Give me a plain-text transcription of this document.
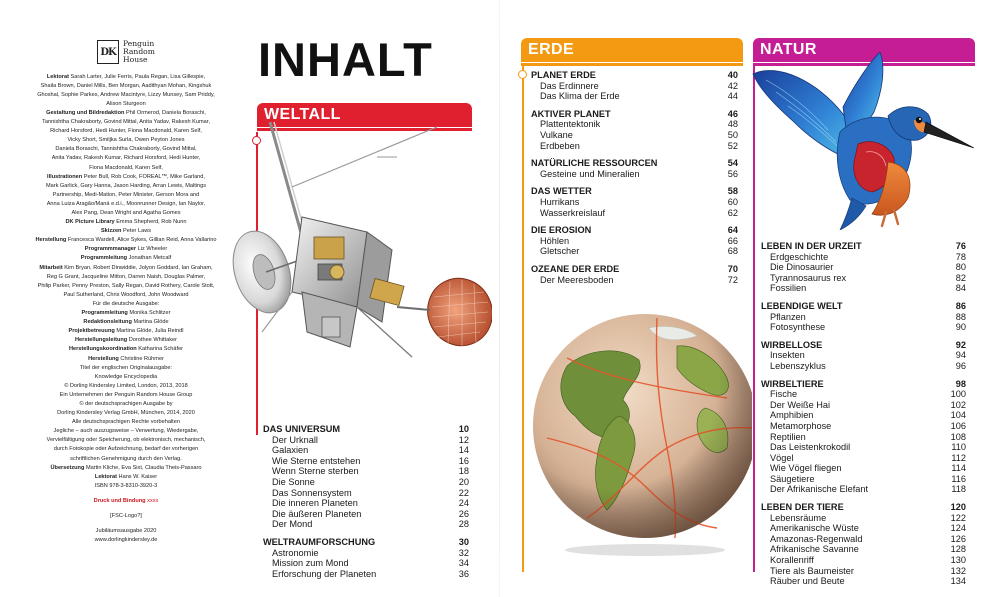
DK
Penguin
Random
House
Lektorat Sarah Larter, Julie Ferris, Paula Regan, Lisa Gillespie,
Shaila Brown, Daniel Mills, Ben Morgan, Aadithyan Mohan, Kingshuk
Ghoshal, Sophie Parkes, Andrew Macintyre, Lizzy Munsey, Sam Priddy,
Alison Sturgeon
Gestaltung und Bildredaktion Phil Ormerod, Daniela Boraschi,
Tannishtha Chakraborty, Govind Mittal, Anita Yadav, Rakesh Kumar,
Richard Horsford, Hedi Hunter, Fiona Macdonald, Karen Self,
Vicky Short, Smiljka Surla, Owen Peyton Jones
Daniela Boraschi, Tannishtha Chakraborty, Govind Mittal,
Anita Yadav, Rakesh Kumar, Richard Horsford, Hedi Hunter,
Fiona Macdonald, Karen Self,
Illustrationen Peter Bull, Rob Cook, FOREAL™, Mike Garland,
Mark Garlick, Gary Hanna, Jason Harding, Arran Lewis, Maltings
Partnership, Medi-Mation, Peter Minister, Gerson Mora and
Anna Luiza Aragão/Maná e.d.i., Moonrunner Design, Ian Naylor,
Alex Pang, Dean Wright and Agatha Gomes
DK Picture Library Emma Shepherd, Rob Nunn
Skizzen Peter Laws
Herstellung Francesca Wardell, Alice Sykes, Gillian Reid, Anna Vallarino
Programmmanager Liz Wheeler
Programmleitung Jonathan Metcalf
Mitarbeit Kim Bryan, Robert Dinwiddie, Jolyon Goddard, Ian Graham,
Reg G Grant, Jacqueline Mitton, Darren Naish, Douglas Palmer,
Philip Parker, Penny Preston, Sally Regan, David Rothery, Carole Stott,
Paul Sutherland, Chris Woodford, John Woodward
Für die deutsche Ausgabe:
Programmleitung Monika Schlitzer
Redaktionsleitung Martina Glöde
Projektbetreuung Martina Glöde, Julia Reindl
Herstellungsleitung Dorothee Whittaker
Herstellungskoordination Katharina Schäfer
Herstellung Christine Rühmer
Titel der englischen Originalausgabe:
Knowledge Encyclopedia
© Dorling Kindersley Limited, London, 2013, 2018
Ein Unternehmen der Penguin Random House Group
© der deutschsprachigen Ausgabe by
Dorling Kindersley Verlag GmbH, München, 2014, 2020
Alle deutschsprachigen Rechte vorbehalten
Jegliche – auch auszugsweise – Verwertung, Wiedergabe,
Vervielfältigung oder Speicherung, ob elektronisch, mechanisch,
durch Fotokopie oder Aufzeichnung, bedarf der vorherigen
schriftlichen Genehmigung durch den Verlag.
Übersetzung Martin Kliche, Eva Sixt, Claudia Theis-Passaro
Lektorat Hans W. Kaiser
ISBN 978-3-8310-3920-3
Druck und Bindung xxxx
[FSC-Logo?]
Jubiläumsausgabe 2020
www.dorlingkindersley.de
INHALT
WELTALL
ERDE	NATUR
DAS UNIVERSUM	10
Der Urknall	12
Galaxien	14
Wie Sterne entstehen	16
Wenn Sterne sterben	18
Die Sonne	20
Das Sonnensystem	22
Die inneren Planeten	24
Die äußeren Planeten	26
Der Mond	28
WELTRAUMFORSCHUNG	30
Astronomie	32
Mission zum Mond	34
Erforschung der Planeten	36
PLANET ERDE	40
Das Erdinnere	42
Das Klima der Erde	44
AKTIVER PLANET	46
Plattentektonik	48
Vulkane	50
Erdbeben	52
NATÜRLICHE RESSOURCEN	54
Gesteine und Mineralien	56
DAS WETTER	58
Hurrikans	60
Wasserkreislauf	62
DIE EROSION	64
Höhlen	66
Gletscher	68
OZEANE DER ERDE	70
Der Meeresboden	72
LEBEN IN DER URZEIT	76
Erdgeschichte	78
Die Dinosaurier	80
Tyrannosaurus rex	82
Fossilien	84
LEBENDIGE WELT	86
Pflanzen	88
Fotosynthese	90
WIRBELLOSE	92
Insekten	94
Lebenszyklus	96
WIRBELTIERE	98
Fische	100
Der Weiße Hai	102
Amphibien	104
Metamorphose	106
Reptilien	108
Das Leistenkrokodil	110
Vögel	112
Wie Vögel fliegen	114
Säugetiere	116
Der Afrikanische Elefant	118
LEBEN DER TIERE	120
Lebensräume	122
Amerikanische Wüste	124
Amazonas-Regenwald	126
Afrikanische Savanne	128
Korallenriff	130
Tiere als Baumeister	132
Räuber und Beute	134
